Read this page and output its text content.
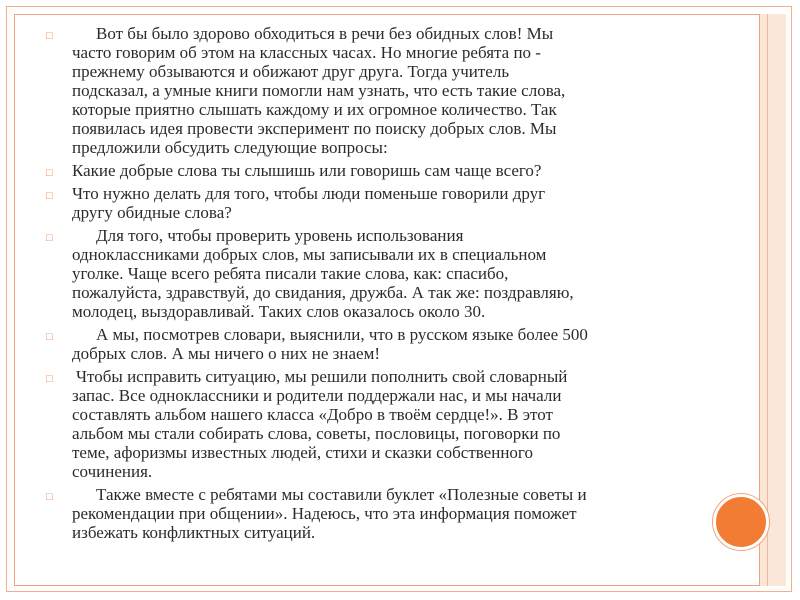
□	Вот бы было здорово обходиться в речи без обидных слов! Мы
часто говорим об этом на классных часах. Но многие ребята по -
прежнему обзываются и обижают друг друга. Тогда учитель
подсказал, а умные книги помогли нам узнать, что есть такие слова,
которые приятно слышать каждому и их огромное количество. Так
появилась идея провести эксперимент по поиску добрых слов. Мы
предложили обсудить следующие вопросы:
□ Какие добрые слова ты слышишь или говоришь сам чаще всего?
□ Что нужно делать для того, чтобы люди поменьше говорили друг
другу обидные слова?
□	Для того, чтобы проверить уровень использования
одноклассниками добрых слов, мы записывали их в специальном
уголке. Чаще всего ребята писали такие слова, как: спасибо,
пожалуйста, здравствуй, до свидания, дружба. А так же: поздравляю,
молодец, выздоравливай. Таких слов оказалось около 30.
□	А мы, посмотрев словари, выяснили, что в русском языке более 500
добрых слов. А мы ничего о них не знаем!
□ Чтобы исправить ситуацию, мы решили пополнить свой словарный
запас. Все одноклассники и родители поддержали нас, и мы начали
составлять альбом нашего класса «Добро в твоём сердце!». В этот
альбом мы стали собирать слова, советы, пословицы, поговорки по
теме, афоризмы известных людей, стихи и сказки собственного
сочинения.
□	Также вместе с ребятами мы составили буклет «Полезные советы и
рекомендации при общении». Надеюсь, что эта информация поможет
избежать конфликтных ситуаций.
